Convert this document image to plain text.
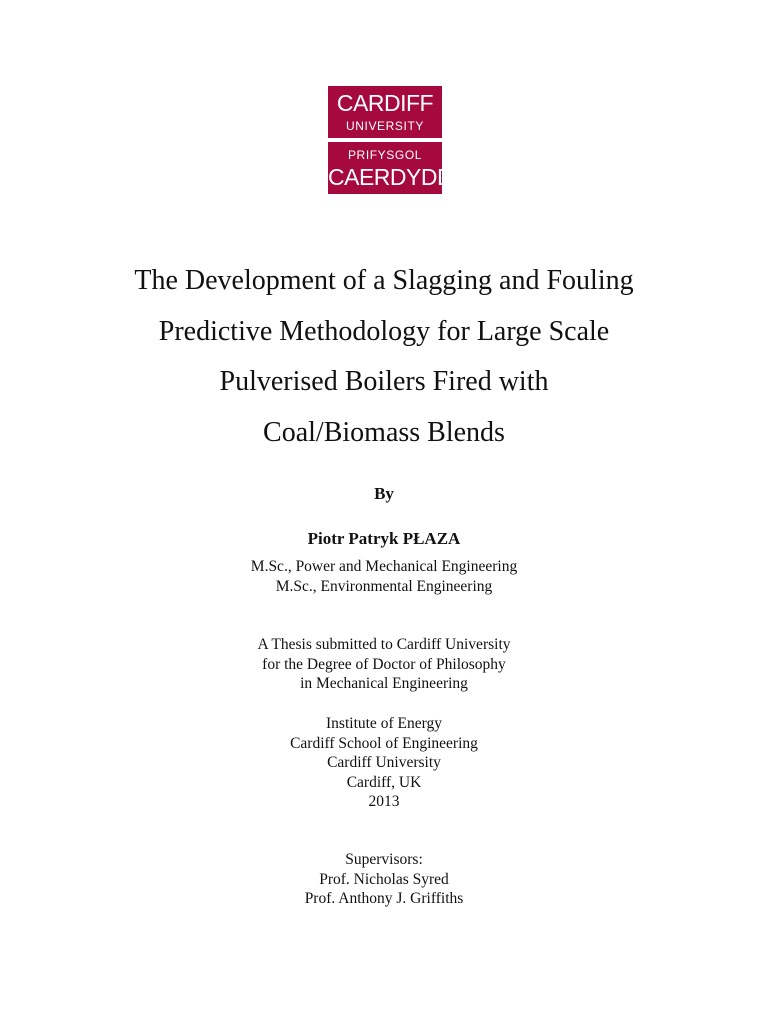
CARDIFF
UNIVERSITY
PRIFYSGOL
CAERDYDD
The Development of a Slagging and Fouling
Predictive Methodology for Large Scale
Pulverised Boilers Fired with
Coal/Biomass Blends
By
Piotr Patryk PŁAZA
M.Sc., Power and Mechanical Engineering
M.Sc., Environmental Engineering
A Thesis submitted to Cardiff University
for the Degree of Doctor of Philosophy
in Mechanical Engineering
Institute of Energy
Cardiff School of Engineering
Cardiff University
Cardiff, UK
2013
Supervisors:
Prof. Nicholas Syred
Prof. Anthony J. Griffiths
